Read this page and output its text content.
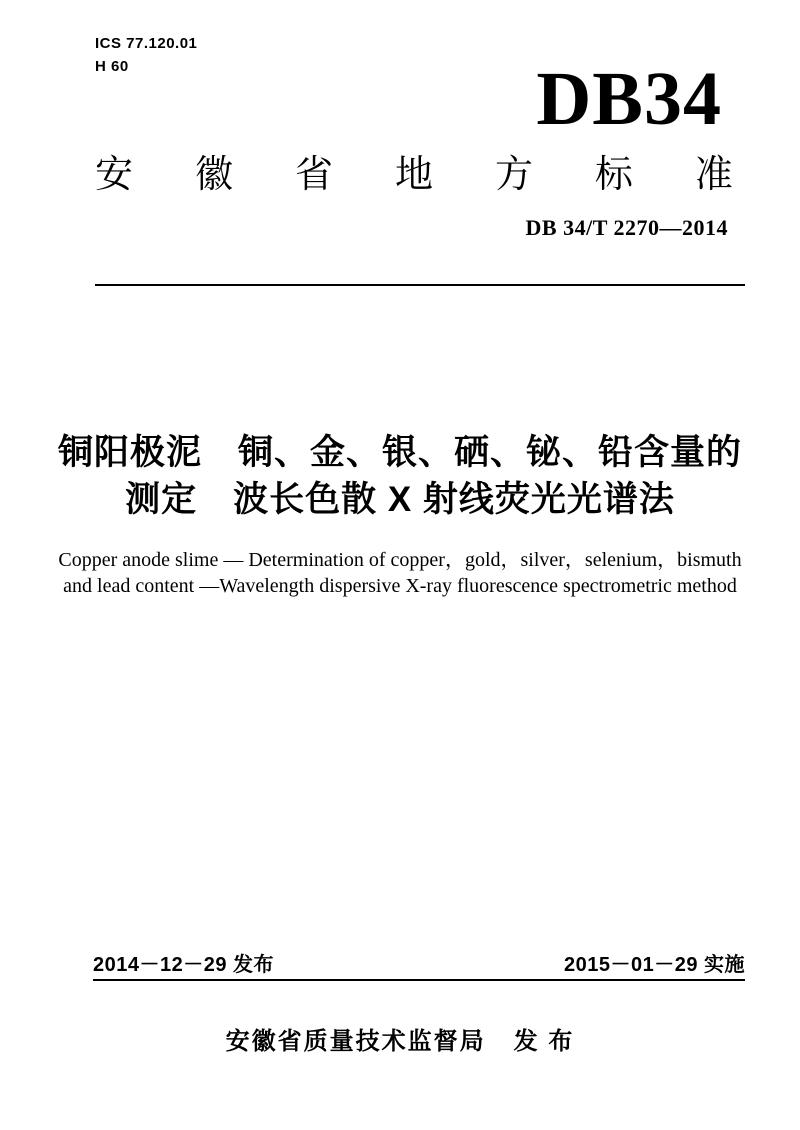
ICS 77.120.01
H 60	DB34
安 徽 省 地 方 标 准
DB 34/T 2270—2014
铜阳极泥　铜、金、银、硒、铋、铅含量的
测定　波长色散 X 射线荧光光谱法
Copper anode slime — Determination of copper，gold，silver，selenium，bismuth
and lead content —Wavelength dispersive X-ray fluorescence spectrometric method
2014－12－29 发布	2015－01－29 实施
安徽省质量技术监督局 发 布
